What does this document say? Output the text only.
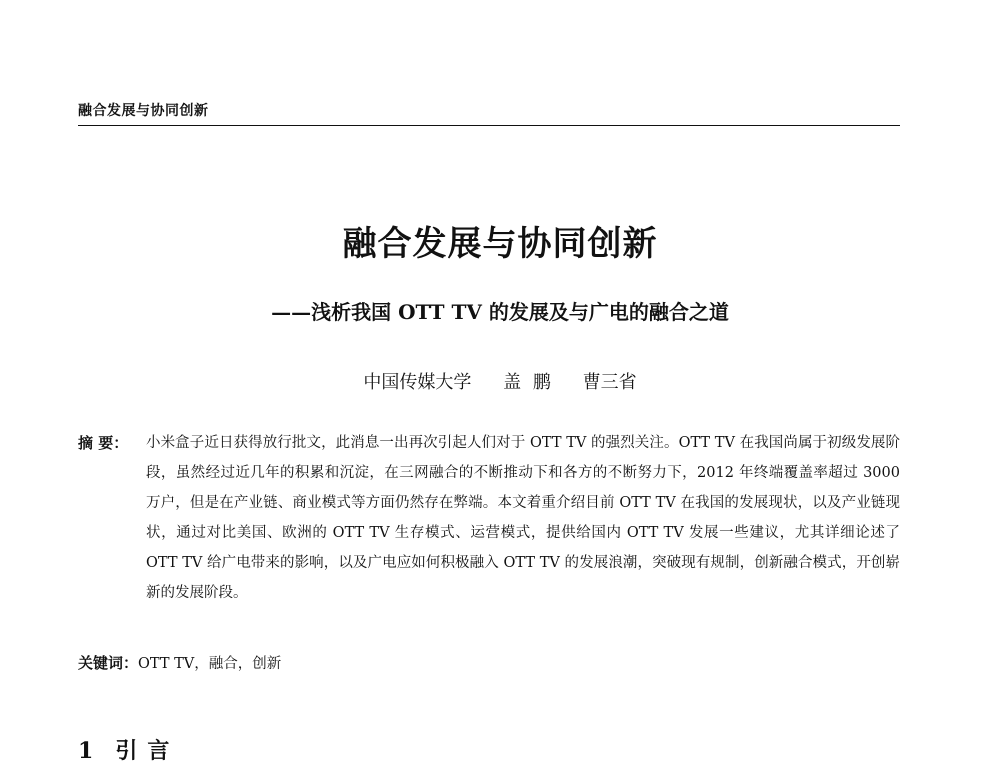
融合发展与协同创新
融合发展与协同创新
——浅析我国 OTT TV 的发展及与广电的融合之道
中国传媒大学 盖 鹏 曹三省
摘 要：	小米盒子近日获得放行批文，此消息一出再次引起人们对于 OTT TV 的强烈关注。OTT TV 在我国尚属于初级发展阶段，虽然经过近几年的积累和沉淀，在三网融合的不断推动下和各方的不断努力下，2012 年终端覆盖率超过 3000 万户，但是在产业链、商业模式等方面仍然存在弊端。本文着重介绍目前 OTT TV 在我国的发展现状，以及产业链现状，通过对比美国、欧洲的 OTT TV 生存模式、运营模式，提供给国内 OTT TV 发展一些建议，尤其详细论述了 OTT TV 给广电带来的影响，以及广电应如何积极融入 OTT TV 的发展浪潮，突破现有规制，创新融合模式，开创崭新的发展阶段。
关键词：OTT TV，融合，创新
1 引言
